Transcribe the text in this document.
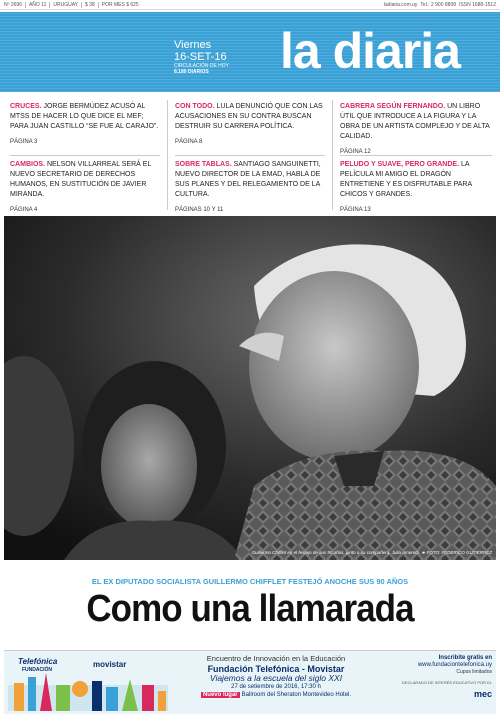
Nº 2696	AÑO 11	URUGUAY	$ 38	POR MES $ 625	ladiaria.com.uy Tel.: 2 900 8808 ISSN 1688-1512
Viernes
16-SET-16
CIRCULACIÓN DE HOY
8.180 DIARIOS	la diaria
CRUCES. JORGE BERMÚDEZ ACUSÓ AL MTSS DE HACER LO QUE DICE EL MEF; PARA JUAN CASTILLO “SE FUE AL CARAJO”.
PÁGINA 3
CON TODO. LULA DENUNCIÓ QUE CON LAS ACUSACIONES EN SU CONTRA BUSCAN DESTRUIR SU CARRERA POLÍTICA.
PÁGINA 8
CABRERA SEGÚN FERNANDO. UN LIBRO ÚTIL QUE INTRODUCE A LA FIGURA Y LA OBRA DE UN ARTISTA COMPLEJO Y DE ALTA CALIDAD.
PÁGINA 12
CAMBIOS. NELSON VILLARREAL SERÁ EL NUEVO SECRETARIO DE DERECHOS HUMANOS, EN SUSTITUCIÓN DE JAVIER MIRANDA.
PÁGINA 4
SOBRE TABLAS. SANTIAGO SANGUINETTI, NUEVO DIRECTOR DE LA EMAD, HABLA DE SUS PLANES Y DEL RELEGAMIENTO DE LA CULTURA.
PÁGINAS 10 Y 11
PELUDO Y SUAVE, PERO GRANDE. LA PELÍCULA MI AMIGO EL DRAGÓN ENTRETIENE Y ES DISFRUTABLE PARA CHICOS Y GRANDES.
PÁGINA 13
Guillermo Chifflet en el festejo de sus 90 años, junto a su compañera, Julia Amoretti. ★ FOTO: FEDERICO GUTIÉRREZ
EL EX DIPUTADO SOCIALISTA GUILLERMO CHIFFLET FESTEJÓ ANOCHE SUS 90 AÑOS
Como una llamarada
Telefónica
FUNDACIÓN
movistar
Encuentro de Innovación en la Educación
Fundación Telefónica - Movistar
Viajemos a la escuela del siglo XXI
27 de setiembre de 2016, 17:30 h
Nuevo lugar Ballroom del Sheraton Montevideo Hotel.
Inscribite gratis en
www.fundaciontelefonica.uy
Cupos limitados
DECLARADO DE INTERÉS EDUCATIVO POR EL
mec
